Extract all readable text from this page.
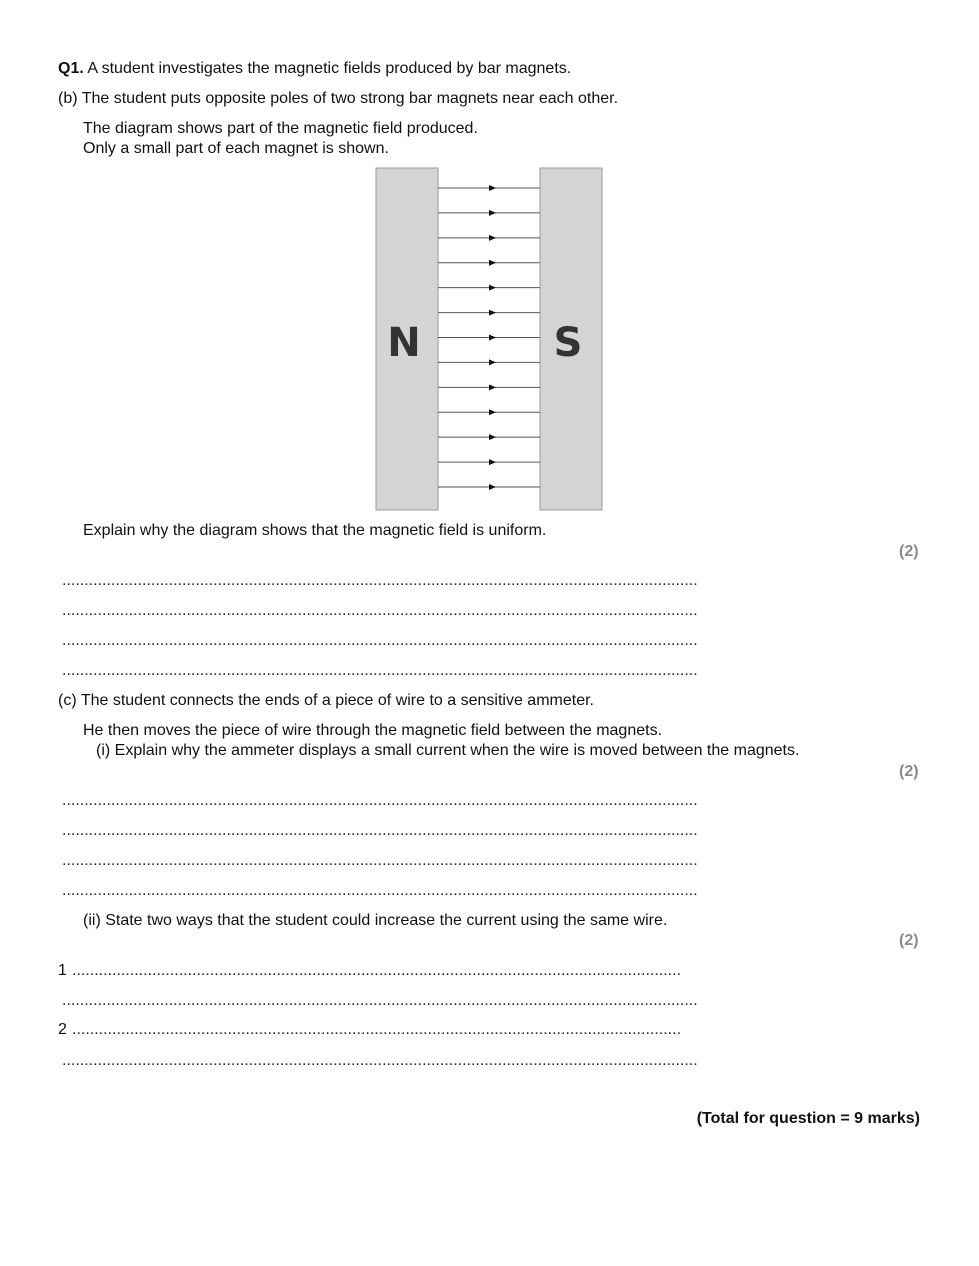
Q1. A student investigates the magnetic fields produced by bar magnets.
(b) The student puts opposite poles of two strong bar magnets near each other.
The diagram shows part of the magnetic field produced.
Only a small part of each magnet is shown.
N	S
Explain why the diagram shows that the magnetic field is uniform.
(2)
...............................................................................................................................................
...............................................................................................................................................
...............................................................................................................................................
...............................................................................................................................................
(c) The student connects the ends of a piece of wire to a sensitive ammeter.
He then moves the piece of wire through the magnetic field between the magnets.
(i) Explain why the ammeter displays a small current when the wire is moved between the magnets.
(2)
...............................................................................................................................................
...............................................................................................................................................
...............................................................................................................................................
...............................................................................................................................................
(ii) State two ways that the student could increase the current using the same wire.
(2)
1 .........................................................................................................................................
...............................................................................................................................................
2 .........................................................................................................................................
...............................................................................................................................................
(Total for question = 9 marks)
